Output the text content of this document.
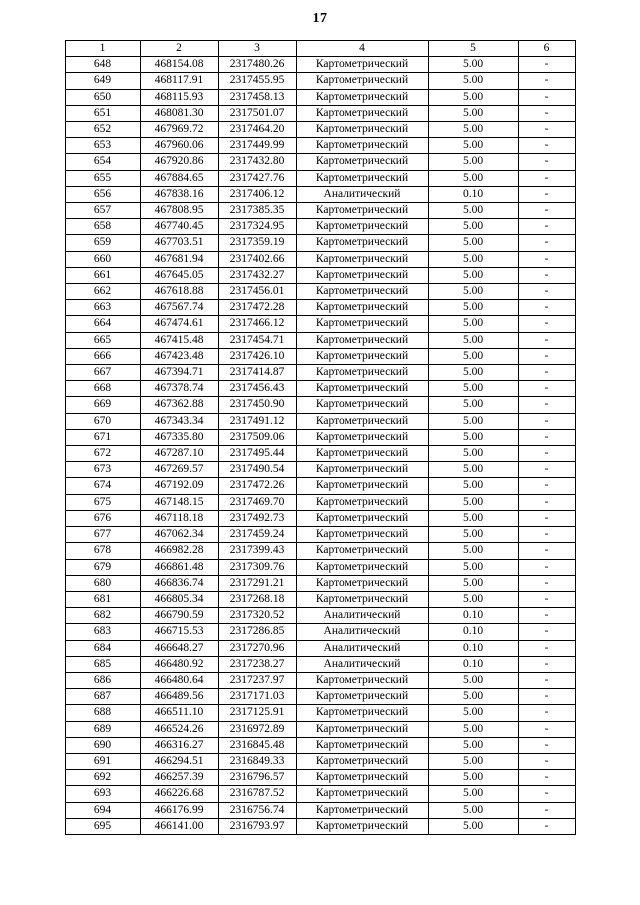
17
1	2	3	4	5	6
648	468154.08	2317480.26	Картометрический	5.00	-
649	468117.91	2317455.95	Картометрический	5.00	-
650	468115.93	2317458.13	Картометрический	5.00	-
651	468081.30	2317501.07	Картометрический	5.00	-
652	467969.72	2317464.20	Картометрический	5.00	-
653	467960.06	2317449.99	Картометрический	5.00	-
654	467920.86	2317432.80	Картометрический	5.00	-
655	467884.65	2317427.76	Картометрический	5.00	-
656	467838.16	2317406.12	Аналитический	0.10	-
657	467808.95	2317385.35	Картометрический	5.00	-
658	467740.45	2317324.95	Картометрический	5.00	-
659	467703.51	2317359.19	Картометрический	5.00	-
660	467681.94	2317402.66	Картометрический	5.00	-
661	467645.05	2317432.27	Картометрический	5.00	-
662	467618.88	2317456.01	Картометрический	5.00	-
663	467567.74	2317472.28	Картометрический	5.00	-
664	467474.61	2317466.12	Картометрический	5.00	-
665	467415.48	2317454.71	Картометрический	5.00	-
666	467423.48	2317426.10	Картометрический	5.00	-
667	467394.71	2317414.87	Картометрический	5.00	-
668	467378.74	2317456.43	Картометрический	5.00	-
669	467362.88	2317450.90	Картометрический	5.00	-
670	467343.34	2317491.12	Картометрический	5.00	-
671	467335.80	2317509.06	Картометрический	5.00	-
672	467287.10	2317495.44	Картометрический	5.00	-
673	467269.57	2317490.54	Картометрический	5.00	-
674	467192.09	2317472.26	Картометрический	5.00	-
675	467148.15	2317469.70	Картометрический	5.00	-
676	467118.18	2317492.73	Картометрический	5.00	-
677	467062.34	2317459.24	Картометрический	5.00	-
678	466982.28	2317399.43	Картометрический	5.00	-
679	466861.48	2317309.76	Картометрический	5.00	-
680	466836.74	2317291.21	Картометрический	5.00	-
681	466805.34	2317268.18	Картометрический	5.00	-
682	466790.59	2317320.52	Аналитический	0.10	-
683	466715.53	2317286.85	Аналитический	0.10	-
684	466648.27	2317270.96	Аналитический	0.10	-
685	466480.92	2317238.27	Аналитический	0.10	-
686	466480.64	2317237.97	Картометрический	5.00	-
687	466489.56	2317171.03	Картометрический	5.00	-
688	466511.10	2317125.91	Картометрический	5.00	-
689	466524.26	2316972.89	Картометрический	5.00	-
690	466316.27	2316845.48	Картометрический	5.00	-
691	466294.51	2316849.33	Картометрический	5.00	-
692	466257.39	2316796.57	Картометрический	5.00	-
693	466226.68	2316787.52	Картометрический	5.00	-
694	466176.99	2316756.74	Картометрический	5.00	-
695	466141.00	2316793.97	Картометрический	5.00	-
